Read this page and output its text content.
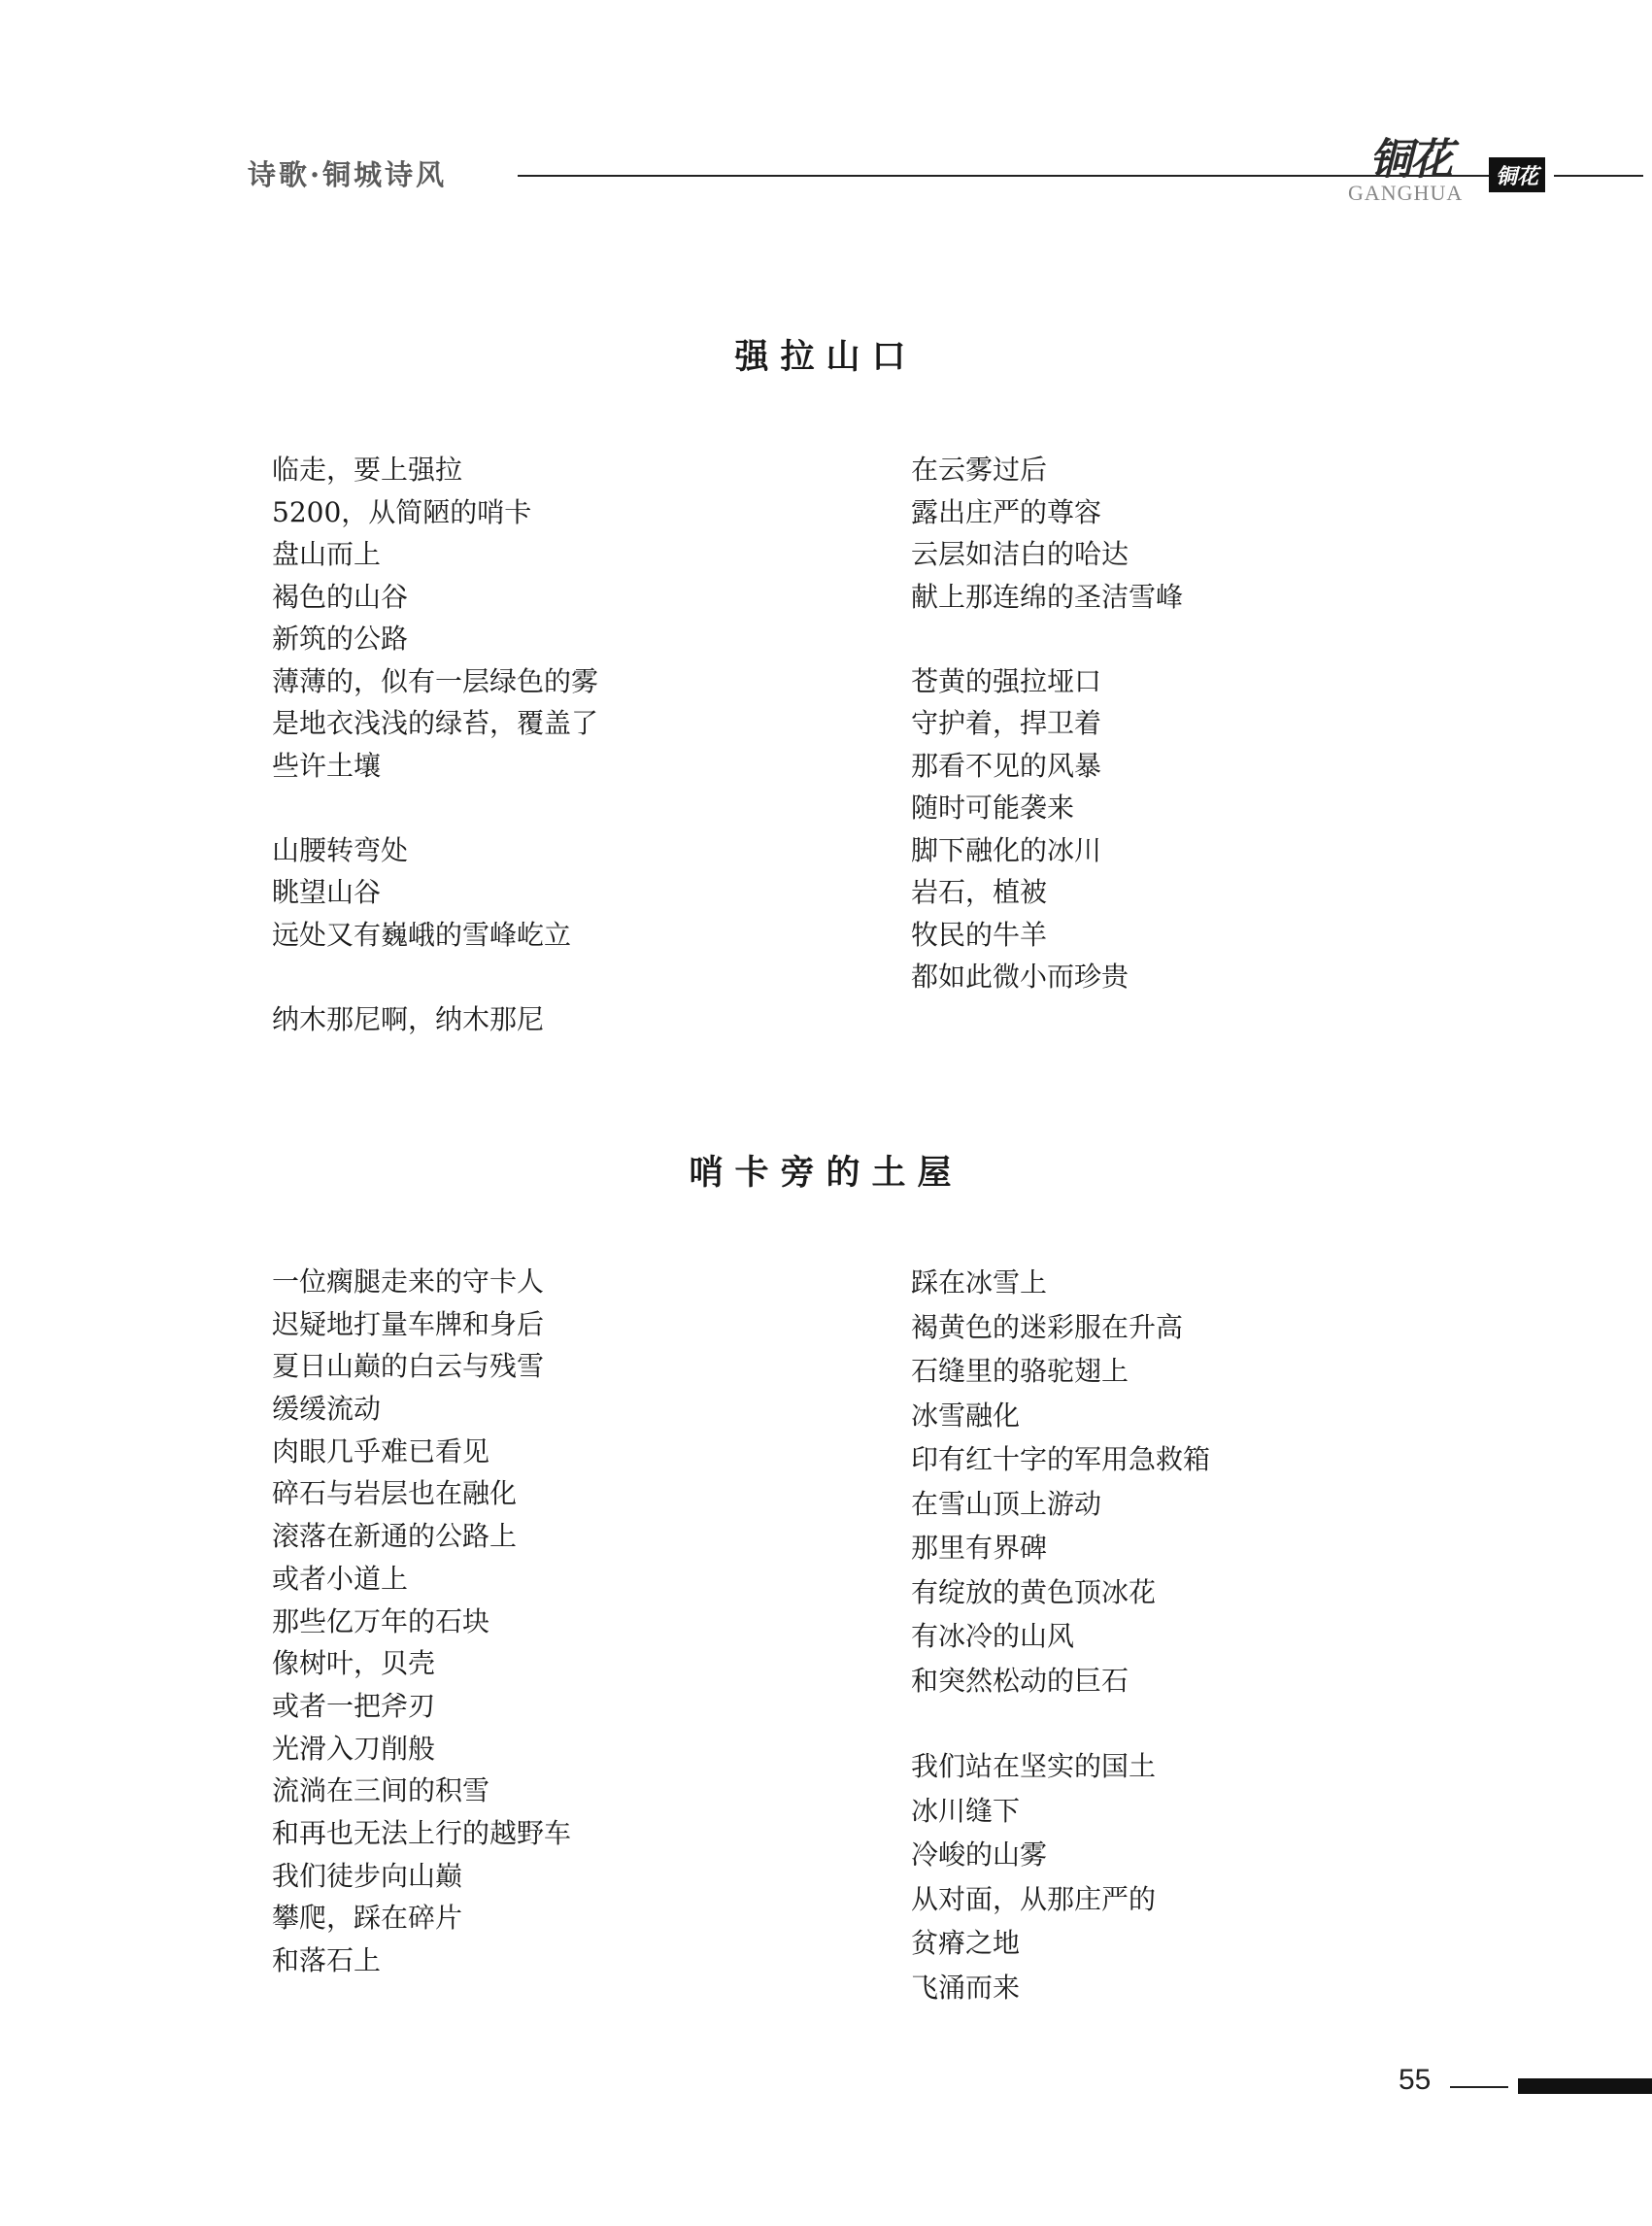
诗歌·铜城诗风	铜花
GANGHUA
铜花
强拉山口
临走，要上强拉
5200，从简陋的哨卡
盘山而上
褐色的山谷
新筑的公路
薄薄的，似有一层绿色的雾
是地衣浅浅的绿苔，覆盖了
些许土壤
山腰转弯处
眺望山谷
远处又有巍峨的雪峰屹立
纳木那尼啊，纳木那尼
在云雾过后
露出庄严的尊容
云层如洁白的哈达
献上那连绵的圣洁雪峰
苍黄的强拉垭口
守护着，捍卫着
那看不见的风暴
随时可能袭来
脚下融化的冰川
岩石，植被
牧民的牛羊
都如此微小而珍贵
哨卡旁的土屋
一位瘸腿走来的守卡人
迟疑地打量车牌和身后
夏日山巅的白云与残雪
缓缓流动
肉眼几乎难已看见
碎石与岩层也在融化
滚落在新通的公路上
或者小道上
那些亿万年的石块
像树叶，贝壳
或者一把斧刃
光滑入刀削般
流淌在三间的积雪
和再也无法上行的越野车
我们徒步向山巅
攀爬，踩在碎片
和落石上
踩在冰雪上
褐黄色的迷彩服在升高
石缝里的骆驼翅上
冰雪融化
印有红十字的军用急救箱
在雪山顶上游动
那里有界碑
有绽放的黄色顶冰花
有冰冷的山风
和突然松动的巨石
我们站在坚实的国土
冰川缝下
冷峻的山雾
从对面，从那庄严的
贫瘠之地
飞涌而来
55
